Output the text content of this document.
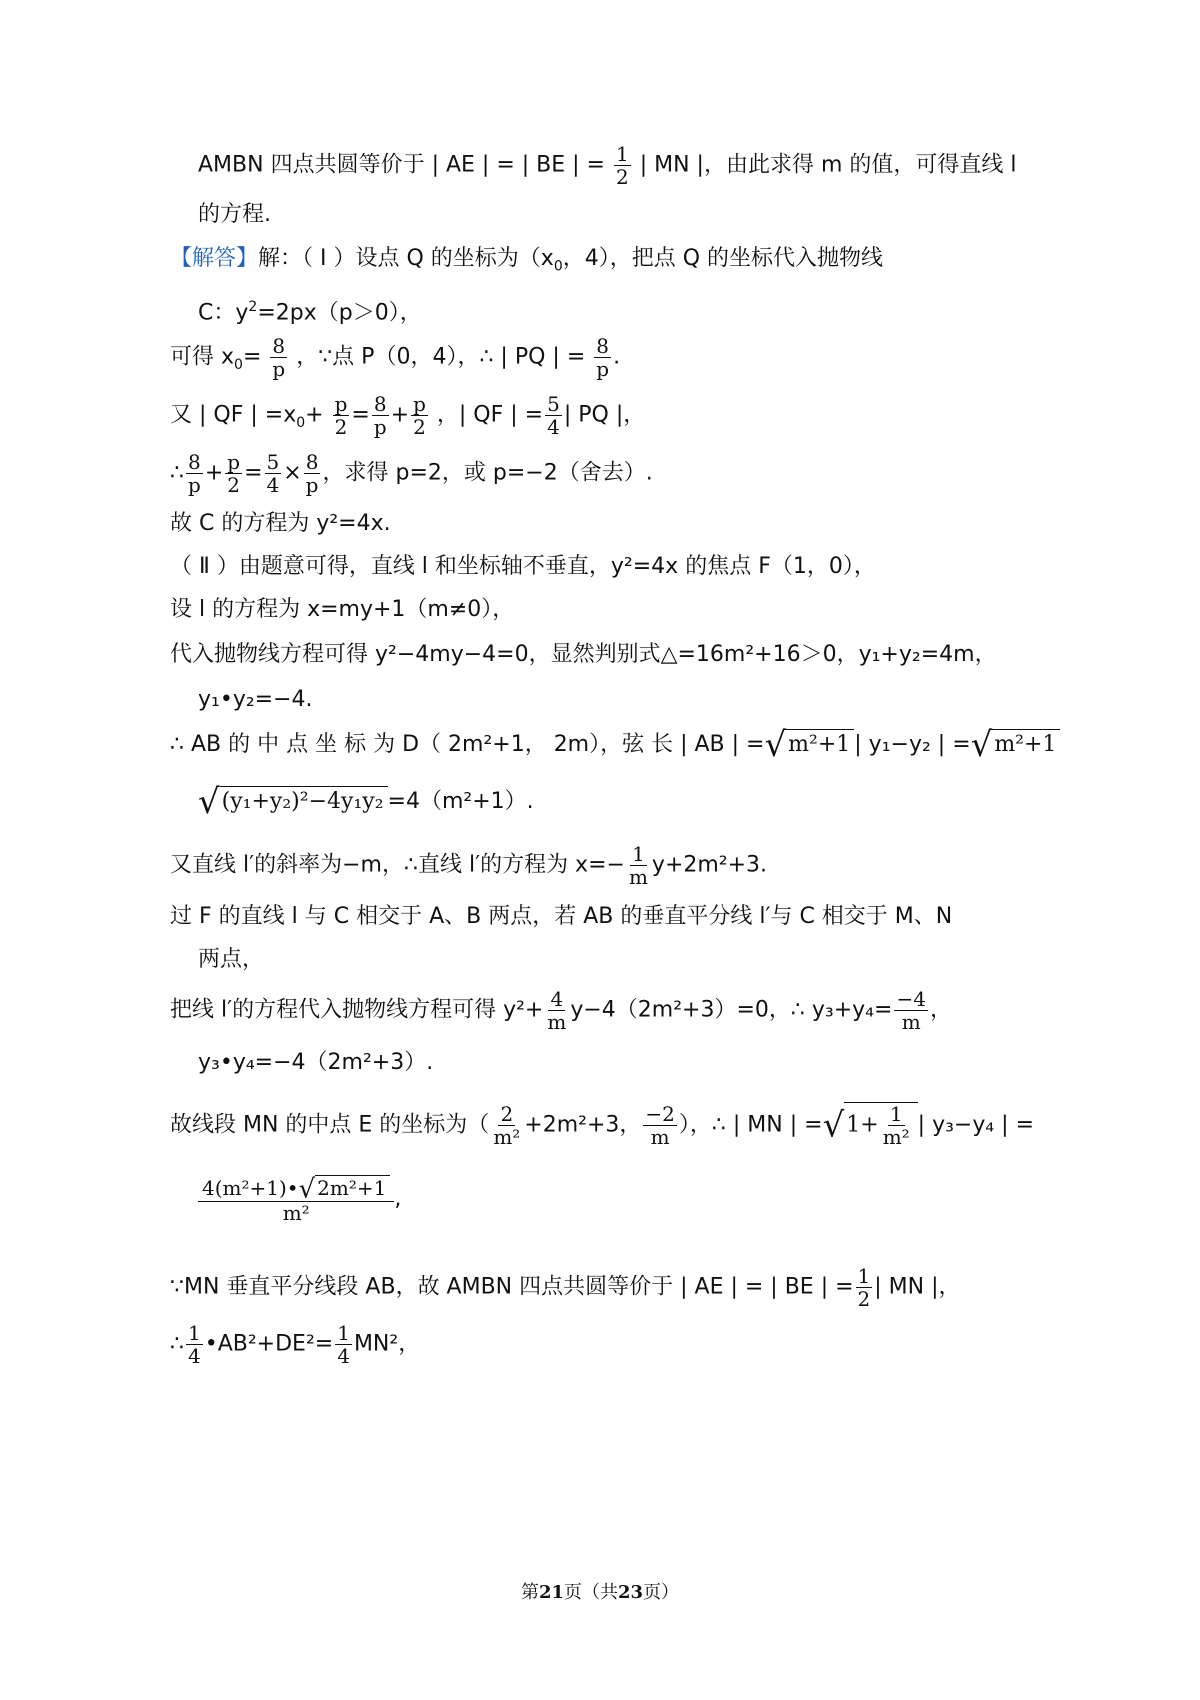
AMBN 四点共圆等价于 | AE | = | BE | = $\frac{1}{2}$ | MN |，由此求得 m 的值，可得直线 l
的方程.
【解答】解：（ Ⅰ ）设点 Q 的坐标为（$x_0$，4），把点 Q 的坐标代入抛物线
C：$y^2=2px(p>0)$，
可得 $x_0= \frac{8}{p}$ ，∵点 P（0，4），∴ | PQ | = $\frac{8}{p}$ .
又 | QF | $=x_0+ \frac{p}{2} = \frac{8}{p} + \frac{p}{2}$ ，| QF | = $\frac{5}{4}$ | PQ |，
∴ $\frac{8}{p} + \frac{p}{2} = \frac{5}{4} \times \frac{8}{p}$ ，求得 p=2，或 p=−2（舍去）.
故 C 的方程为 y²=4x.
（ Ⅱ ）由题意可得，直线 l 和坐标轴不垂直，y²=4x 的焦点 F（1，0），
设 l 的方程为 x=my+1（m≠0），
代入抛物线方程可得 y²−4my−4=0，显然判别式△=16m²+16＞0，y₁+y₂=4m，
y₁•y₂=−4.
∴ AB 的 中 点 坐 标 为 D（ 2m²+1， 2m），弦 长 | AB | =√m²+1 | y₁−y₂ | =√m²+1
√(y₁+y₂)²−4y₁y₂ =4（m²+1）.
又直线 l′的斜率为−m，∴直线 l′的方程为 $x=- \frac{1}{m} y+2m^2+3$.
过 F 的直线 l 与 C 相交于 A、B 两点，若 AB 的垂直平分线 l′与 C 相交于 M、N
两点，
把线 l′的方程代入抛物线方程可得 $y^2+ \frac{4}{m} y-4(2m^2+3)=0$，∴ $y_3+y_4= \frac{-4}{m}$ ，
y₃•y₄=−4（2m²+3）.
故线段 MN 的中点 E 的坐标为（ $\frac{2}{\text{m²}} +2m^2+3$， $\frac{-2}{m}$ ），∴ | MN | $=√1+ \frac{1}{\text{m²}}$ | y₃−y₄ | =
$\frac{\text{4(m²+1)•√ 2m²+1}}{\text{m²}}$ ,
∵MN 垂直平分线段 AB，故 AMBN 四点共圆等价于 | AE | = | BE | = $\frac{1}{2}$ | MN |，
∴ $\frac{1}{4}$ •AB²+DE²= $\frac{1}{4} MN^2$，
第21页（共23页）
